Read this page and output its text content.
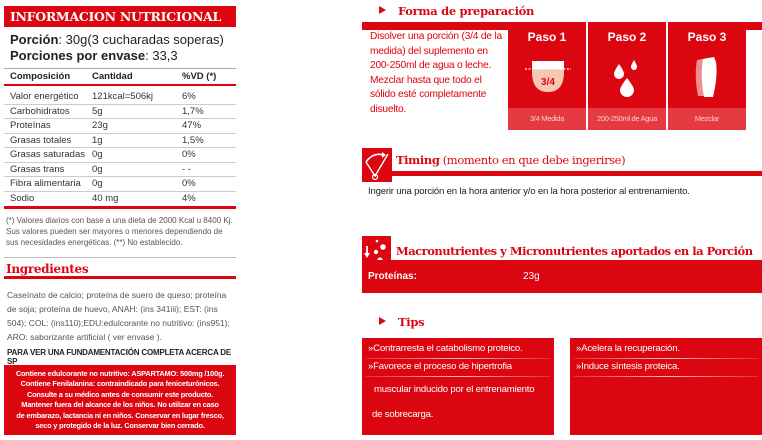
INFORMACION NUTRICIONAL
Porción: 30g(3 cucharadas soperas)
Porciones por envase: 33,3
Composición	Cantidad	%VD (*)
Valor energético	121kcal=506kj	6%
Carbohidratos	5g	1,7%
Proteínas	23g	47%
Grasas totales	1g	1,5%
Grasas saturadas	0g	0%
Grasas trans	0g	- -
Fibra alimentaria	0g	0%
Sodio	40 mg	4%
(*) Valores diarios con base a una dieta de 2000 Kcal u 8400 Kj. Sus valores pueden ser mayores o menores dependiendo de sus necesidades energéticas. (**) No establecido.
Ingredientes
Caseínato de calcio; proteína de suero de queso; proteína de soja; proteína de huevo, ANAH: (ins 341iii); EST: (ins 504); COL: (ins110);EDU:edulcorante no nutritivo: (ins951); ARO: saborizante artificial ( ver envase ).
PARA VER UNA FUNDAMENTACIÓN COMPLETA ACERCA DE SP
Contiene edulcorante no nutritivo: ASPARTAMO: 500mg /100g.
Contiene Fenilalanina: contraindicado para feniceturónicos.
Consulte a su médico antes de consumir este producto.
Mantener fuera del alcance de los niños. No utilizar en caso
de embarazo, lactancia ni en niños. Conservar en lugar fresco,
seco y protegido de la luz. Conservar bien cerrado.
Forma de preparación
Disolver una porción (3/4 de la medida) del suplemento en 200-250ml de agua o leche. Mezclar hasta que todo el sólido esté completamente disuelto.
Paso 1
3/4
3/4 Medida
Paso 2
200-250ml de Agua
Paso 3
Mezclar
Timing (momento en que debe ingerirse)
Ingerir una porción en la hora anterior y/o en la hora posterior al entrenamiento.
Macronutrientes y Micronutrientes aportados en la Porción
Proteínas:	23g
Tips
»Contrarresta el catabolismo proteico.
»Favorece el proceso de hipertrofia
muscular inducido por el entrenamiento
de sobrecarga.
»Acelera la recuperación.
»Induce síntesis proteica.
